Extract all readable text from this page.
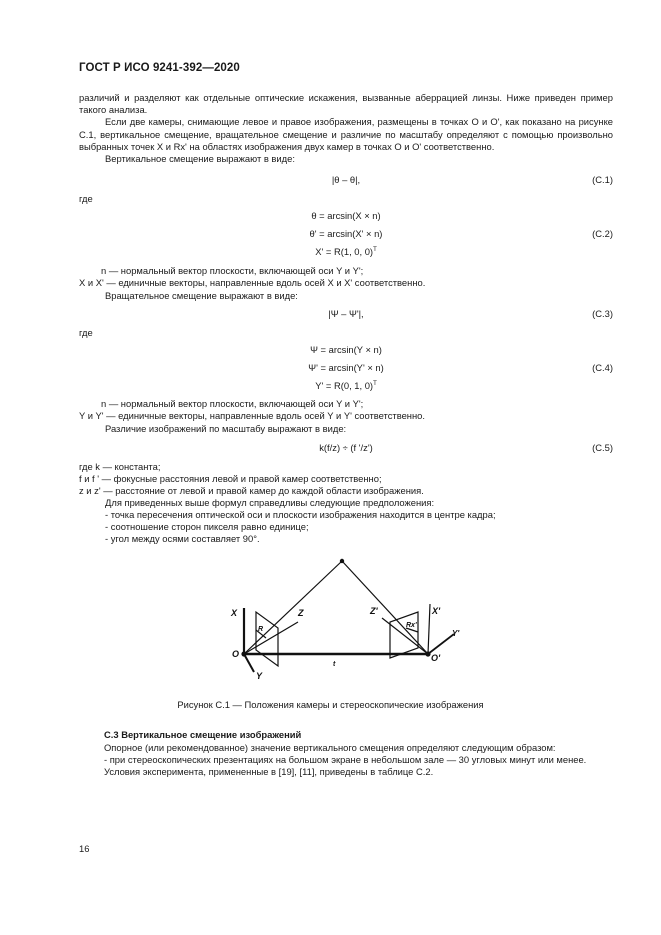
ГОСТ Р ИСО 9241-392—2020

различий и разделяют как отдельные оптические искажения, вызванные аберрацией линзы. Ниже приведен пример такого анализа.

Если две камеры, снимающие левое и правое изображения, размещены в точках О и О', как показано на рисунке С.1, вертикальное смещение, вращательное смещение и различие по масштабу определяют с помощью произвольно выбранных точек X и Rx' на областях изображения двух камер в точках О и О' соответственно.

Вертикальное смещение выражают в виде:

|θ – θ|,	(C.1)
где
θ = arcsin(X × n)
θ' = arcsin(X' × n)	(C.2)
X' = R(1, 0, 0)$^T$
n — нормальный вектор плоскости, включающей оси Y и Y';
X и X' — единичные векторы, направленные вдоль осей X и X' соответственно.
Вращательное смещение выражают в виде:
|Ψ – Ψ'|,	(C.3)
где
Ψ = arcsin(Y × n)
Ψ' = arcsin(Y' × n)	(C.4)
Y' = R(0, 1, 0)$^T$
n — нормальный вектор плоскости, включающей оси Y и Y';
Y и Y' — единичные векторы, направленные вдоль осей Y и Y' соответственно.
Различие изображений по масштабу выражают в виде:
k(f/z) ÷ (f '/z')	(C.5)
где k — константа;
f и f ' — фокусные расстояния левой и правой камер соответственно;
z и z' — расстояние от левой и правой камер до каждой области изображения.
Для приведенных выше формул справедливы следующие предположения:
- точка пересечения оптической оси и плоскости изображения находится в центре кадра;
- соотношение сторон пикселя равно единице;
- угол между осями составляет 90°.
X
R
Z
O
Y
t
Z'	X'
Rx'
Y'
O'
Рисунок С.1 — Положения камеры и стереоскопические изображения
С.3 Вертикальное смещение изображений

Опорное (или рекомендованное) значение вертикального смещения определяют следующим образом:

- при стереоскопических презентациях на большом экране в небольшом зале — 30 угловых минут или менее.

Условия эксперимента, примененные в [19], [11], приведены в таблице С.2.

16
